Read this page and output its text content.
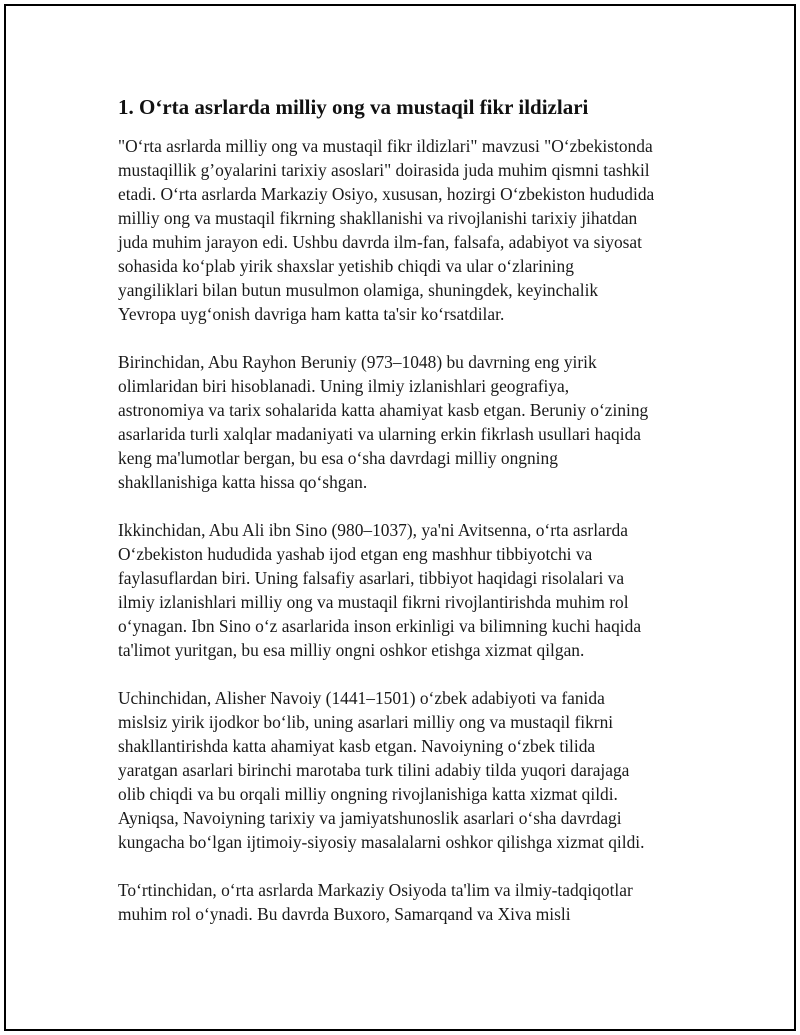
1. O‘rta asrlarda milliy ong va mustaqil fikr ildizlari

"O‘rta asrlarda milliy ong va mustaqil fikr ildizlari" mavzusi "O‘zbekistonda
mustaqillik g’oyalarini tarixiy asoslari" doirasida juda muhim qismni tashkil
etadi. O‘rta asrlarda Markaziy Osiyo, xususan, hozirgi O‘zbekiston hududida
milliy ong va mustaqil fikrning shakllanishi va rivojlanishi tarixiy jihatdan
juda muhim jarayon edi. Ushbu davrda ilm-fan, falsafa, adabiyot va siyosat
sohasida ko‘plab yirik shaxslar yetishib chiqdi va ular o‘zlarining
yangiliklari bilan butun musulmon olamiga, shuningdek, keyinchalik
Yevropa uyg‘onish davriga ham katta ta'sir ko‘rsatdilar.

Birinchidan, Abu Rayhon Beruniy (973–1048) bu davrning eng yirik
olimlaridan biri hisoblanadi. Uning ilmiy izlanishlari geografiya,
astronomiya va tarix sohalarida katta ahamiyat kasb etgan. Beruniy o‘zining
asarlarida turli xalqlar madaniyati va ularning erkin fikrlash usullari haqida
keng ma'lumotlar bergan, bu esa o‘sha davrdagi milliy ongning
shakllanishiga katta hissa qo‘shgan.

Ikkinchidan, Abu Ali ibn Sino (980–1037), ya'ni Avitsenna, o‘rta asrlarda
O‘zbekiston hududida yashab ijod etgan eng mashhur tibbiyotchi va
faylasuflardan biri. Uning falsafiy asarlari, tibbiyot haqidagi risolalari va
ilmiy izlanishlari milliy ong va mustaqil fikrni rivojlantirishda muhim rol
o‘ynagan. Ibn Sino o‘z asarlarida inson erkinligi va bilimning kuchi haqida
ta'limot yuritgan, bu esa milliy ongni oshkor etishga xizmat qilgan.

Uchinchidan, Alisher Navoiy (1441–1501) o‘zbek adabiyoti va fanida
mislsiz yirik ijodkor bo‘lib, uning asarlari milliy ong va mustaqil fikrni
shakllantirishda katta ahamiyat kasb etgan. Navoiyning o‘zbek tilida
yaratgan asarlari birinchi marotaba turk tilini adabiy tilda yuqori darajaga
olib chiqdi va bu orqali milliy ongning rivojlanishiga katta xizmat qildi.
Ayniqsa, Navoiyning tarixiy va jamiyatshunoslik asarlari o‘sha davrdagi
kungacha bo‘lgan ijtimoiy-siyosiy masalalarni oshkor qilishga xizmat qildi.

To‘rtinchidan, o‘rta asrlarda Markaziy Osiyoda ta'lim va ilmiy-tadqiqotlar
muhim rol o‘ynadi. Bu davrda Buxoro, Samarqand va Xiva misli
